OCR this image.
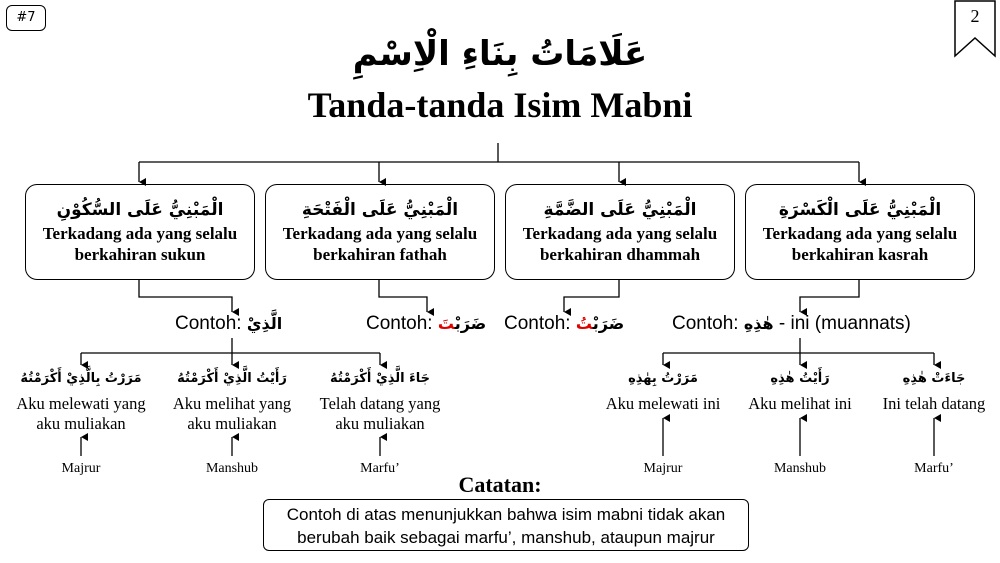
#7	2
عَلَامَاتُ بِنَاءِ الْاِسْمِ
Tanda-tanda Isim Mabni
الْمَبْنِيُّ عَلَى السُّكُوْنِ
Terkadang ada yang selalu berkahiran sukun
الْمَبْنِيُّ عَلَى الْفَتْحَةِ
Terkadang ada yang selalu berkahiran fathah
الْمَبْنِيُّ عَلَى الضَّمَّةِ
Terkadang ada yang selalu berkahiran dhammah
الْمَبْنِيُّ عَلَى الْكَسْرَةِ
Terkadang ada yang selalu berkahiran kasrah
Contoh: الَّذِيْ	Contoh: ضَرَبْتَ	Contoh: ضَرَبْتُ	Contoh: هٰذِهِ - ini (muannats)
مَرَرْتُ بِالَّذِيْ أَكْرَمْتُهُ
Aku melewati yang aku muliakan
رَأَيْتُ الَّذِيْ أَكْرَمْتُهُ
Aku melihat yang aku muliakan
جَاءَ الَّذِيْ أَكْرَمْتُهُ
Telah datang yang aku muliakan
مَرَرْتُ بِهٰذِهِ
Aku melewati ini
رَأَيْتُ هٰذِهِ
Aku melihat ini
جَاءَتْ هٰذِهِ
Ini telah datang
Majrur	Manshub	Marfu’	Majrur	Manshub	Marfu’
Catatan:
Contoh di atas menunjukkan bahwa isim mabni tidak akan berubah baik sebagai marfu’, manshub, ataupun majrur
